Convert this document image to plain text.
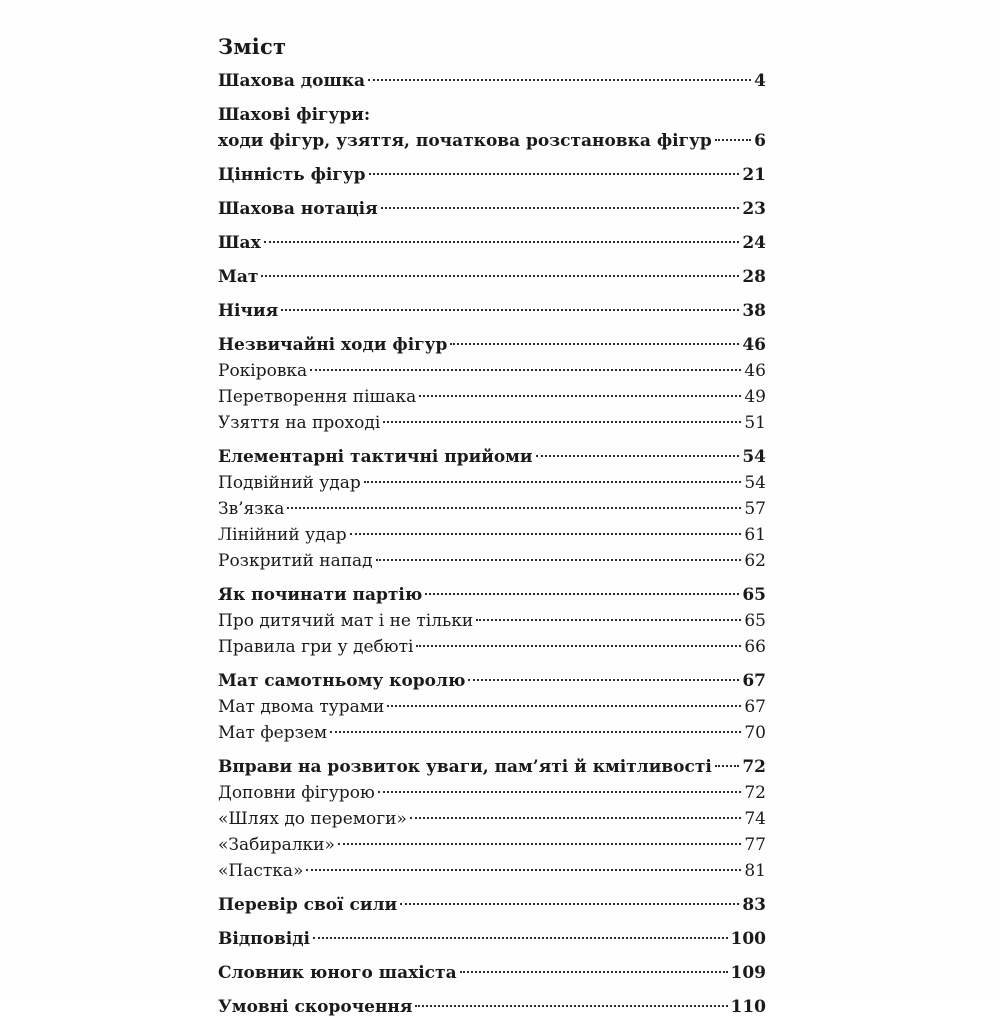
Зміст
Шахова дошка	4
Шахові фігури:
ходи фігур, узяття, початкова розстановка фігур 6
Цінність фігур	21
Шахова нотація	23
Шах	24
Мат	28
Нічия	38
Незвичайні ходи фігур	46
Рокіровка	46
Перетворення пішака	49
Узяття на проході	51
Елементарні тактичні прийоми	54
Подвійний удар	54
Зв’язка	57
Лінійний удар	61
Розкритий напад	62
Як починати партію	65
Про дитячий мат і не тільки	65
Правила гри у дебюті	66
Мат самотньому королю	67
Мат двома турами	67
Мат ферзем	70
Вправи на розвиток уваги, пам’яті й кмітливості 72
Доповни фігурою	72
«Шлях до перемоги»	74
«Забиралки»	77
«Пастка»	81
Перевір свої сили	83
Відповіді	100
Словник юного шахіста	109
Умовні скорочення	110
